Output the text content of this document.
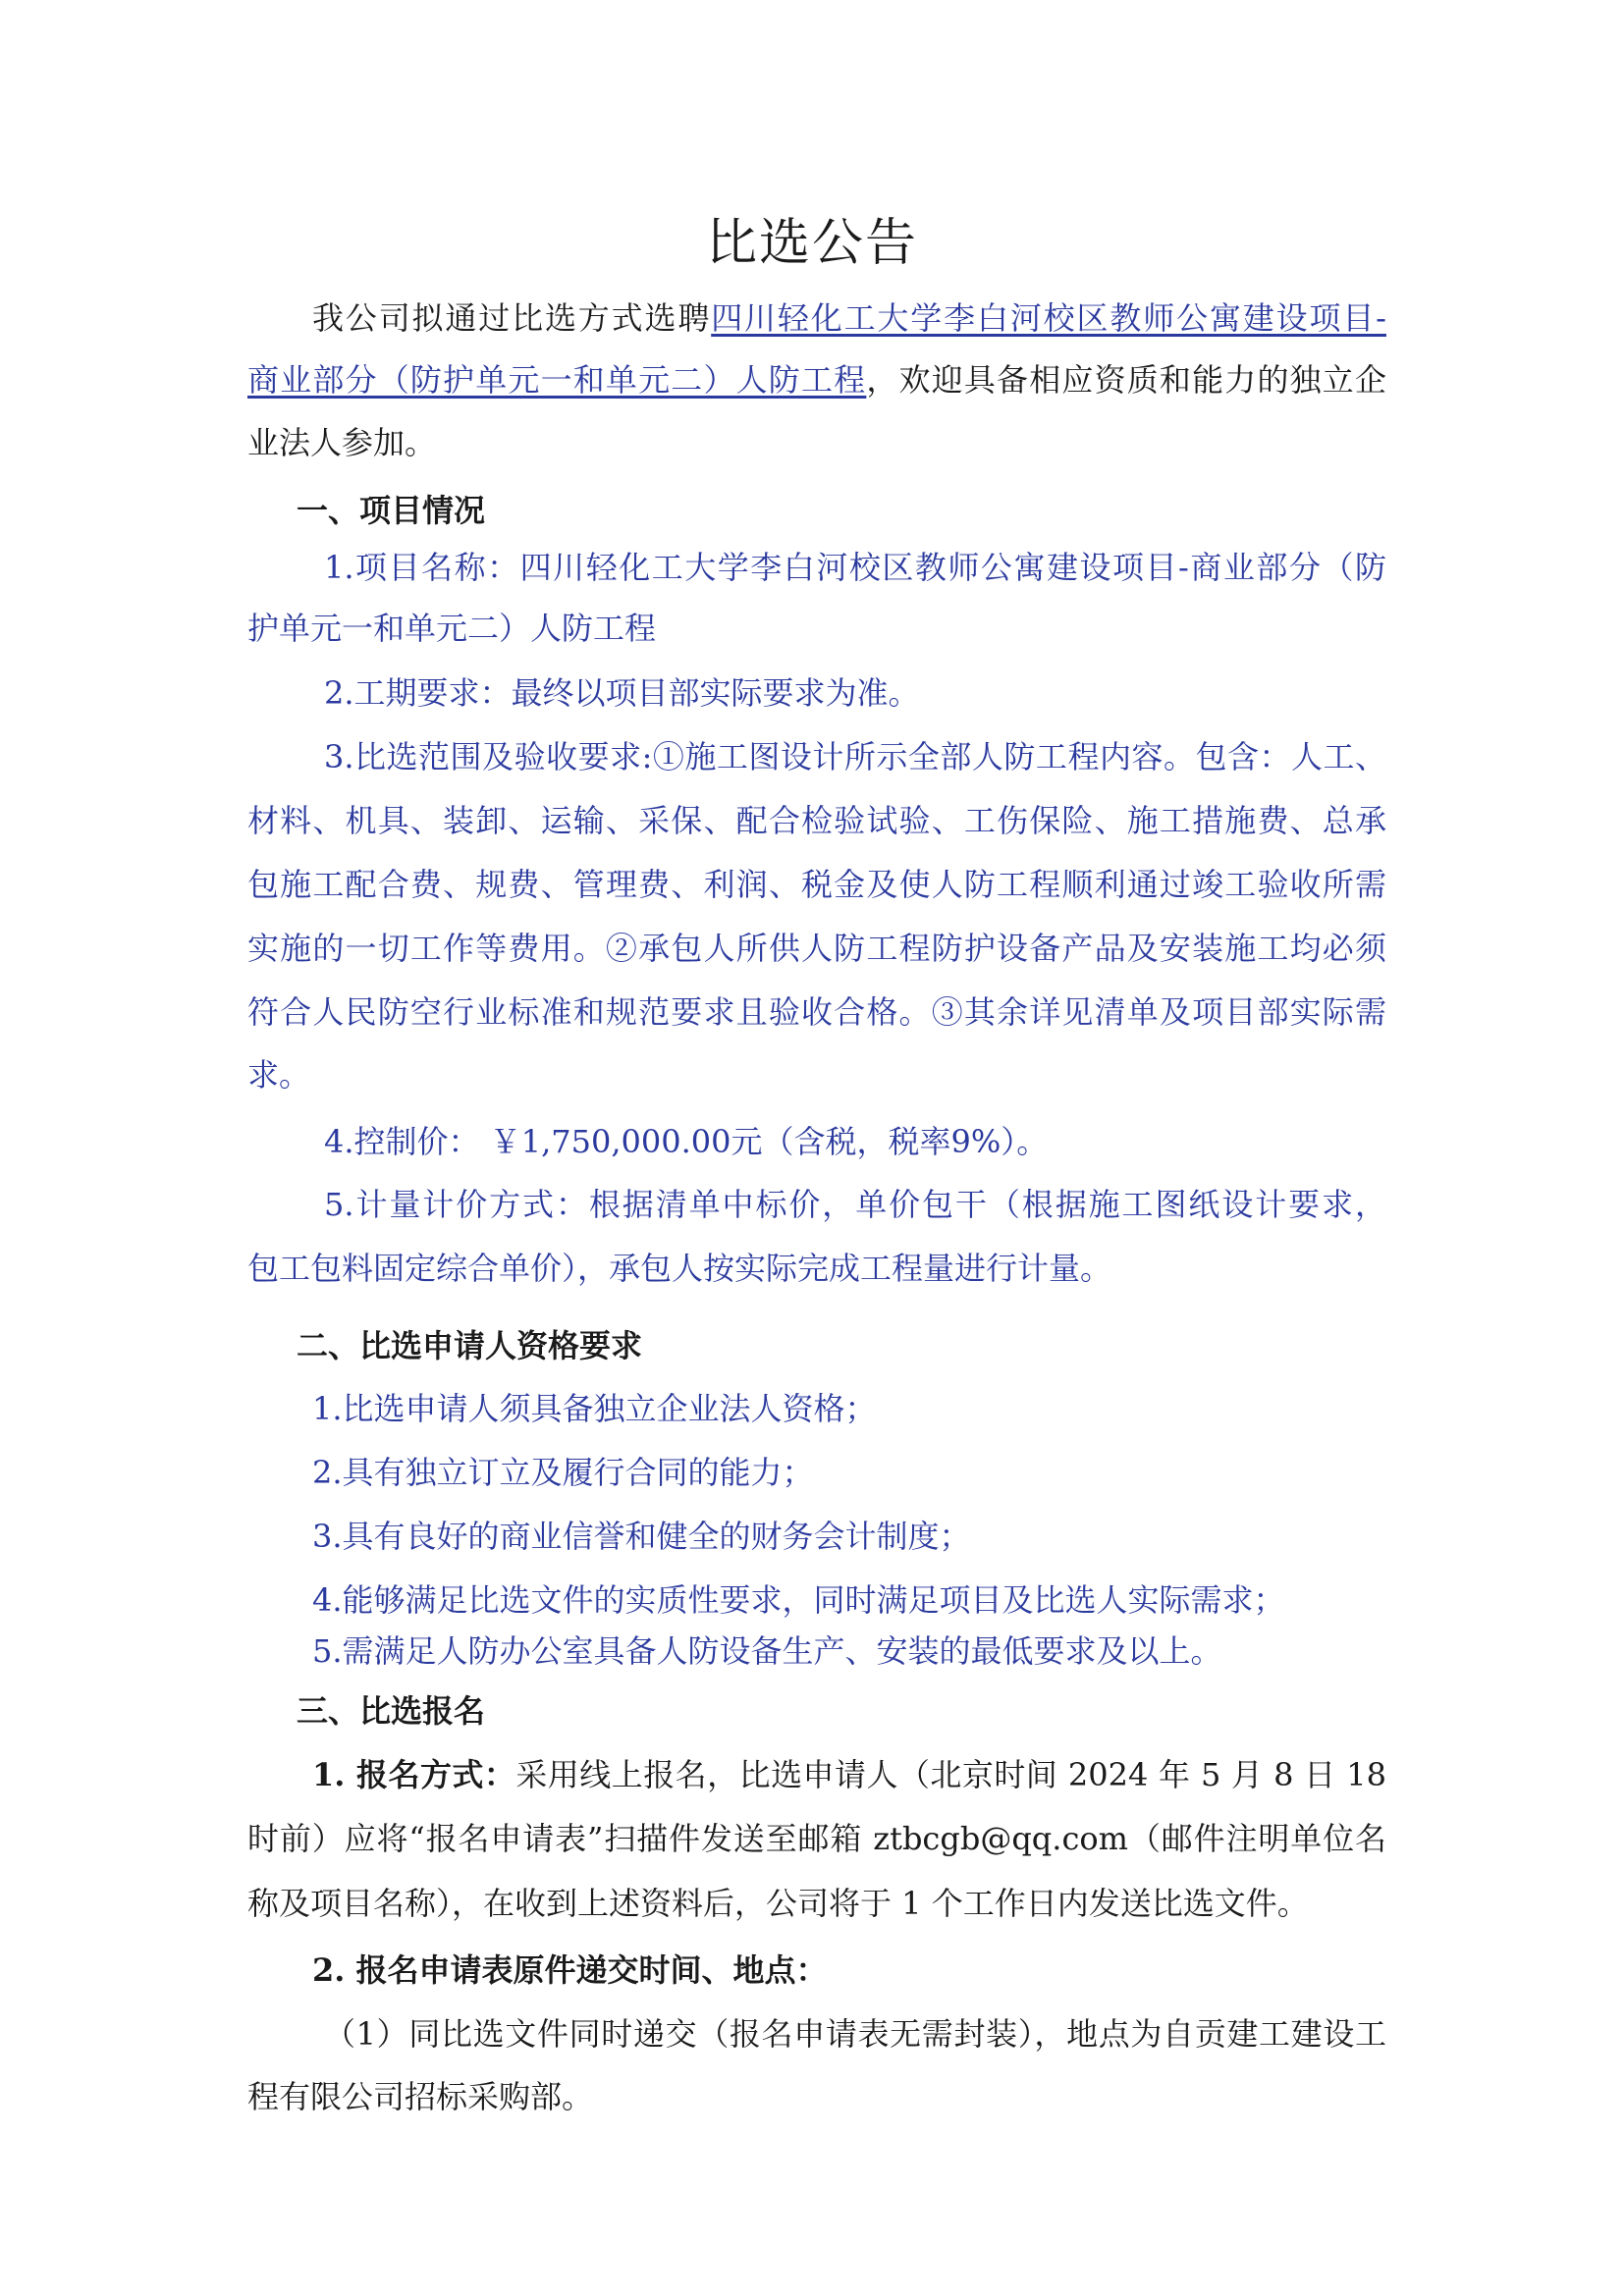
比选公告
我公司拟通过比选方式选聘四川轻化工大学李白河校区教师公寓建设项目-
商业部分（防护单元一和单元二）人防工程，欢迎具备相应资质和能力的独立企
业法人参加。
一、项目情况
1.项目名称：四川轻化工大学李白河校区教师公寓建设项目-商业部分（防
护单元一和单元二）人防工程
2.工期要求：最终以项目部实际要求为准。
3.比选范围及验收要求:①施工图设计所示全部人防工程内容。包含：人工、
材料、机具、装卸、运输、采保、配合检验试验、工伤保险、施工措施费、总承
包施工配合费、规费、管理费、利润、税金及使人防工程顺利通过竣工验收所需
实施的一切工作等费用。②承包人所供人防工程防护设备产品及安装施工均必须
符合人民防空行业标准和规范要求且验收合格。③其余详见清单及项目部实际需
求。
4.控制价： ￥1,750,000.00元（含税，税率9%）。
5.计量计价方式：根据清单中标价，单价包干（根据施工图纸设计要求，
包工包料固定综合单价），承包人按实际完成工程量进行计量。
二、比选申请人资格要求
1.比选申请人须具备独立企业法人资格；
2.具有独立订立及履行合同的能力；
3.具有良好的商业信誉和健全的财务会计制度；
4.能够满足比选文件的实质性要求，同时满足项目及比选人实际需求；
5.需满足人防办公室具备人防设备生产、安装的最低要求及以上。
三、比选报名
1. 报名方式：采用线上报名，比选申请人（北京时间 2024 年 5 月 8 日 18
时前）应将“报名申请表”扫描件发送至邮箱 ztbcgb@qq.com（邮件注明单位名
称及项目名称），在收到上述资料后，公司将于 1 个工作日内发送比选文件。
2. 报名申请表原件递交时间、地点：
（1）同比选文件同时递交（报名申请表无需封装），地点为自贡建工建设工
程有限公司招标采购部。
